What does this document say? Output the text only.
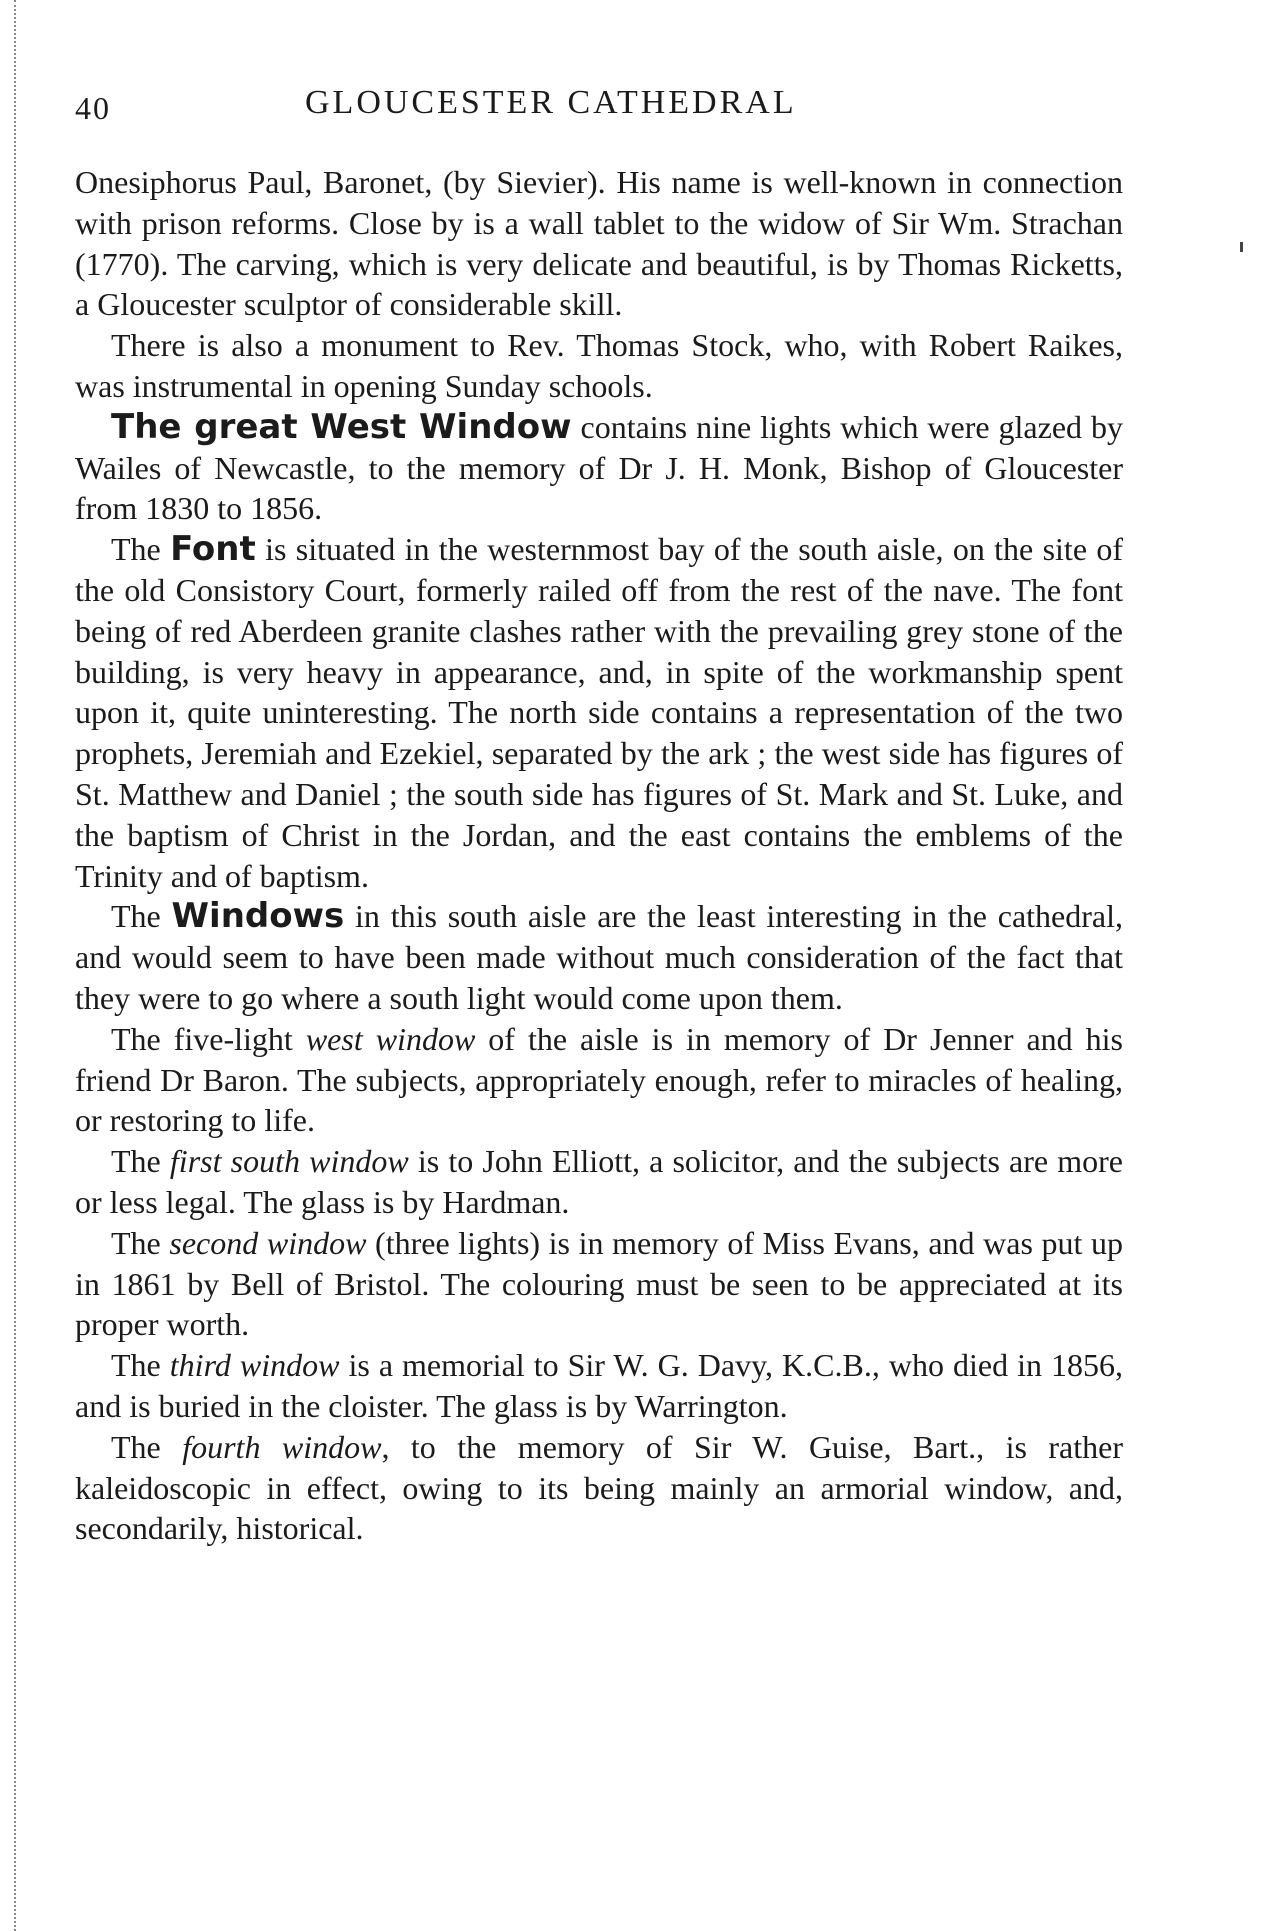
40	GLOUCESTER CATHEDRAL

Onesiphorus Paul, Baronet, (by Sievier). His name is well-known in connection with prison reforms. Close by is a wall tablet to the widow of Sir Wm. Strachan (1770). The carving, which is very delicate and beautiful, is by Thomas Ricketts, a Gloucester sculptor of considerable skill.

There is also a monument to Rev. Thomas Stock, who, with Robert Raikes, was instrumental in opening Sunday schools.

The great West Window contains nine lights which were glazed by Wailes of Newcastle, to the memory of Dr J. H. Monk, Bishop of Gloucester from 1830 to 1856.

The Font is situated in the westernmost bay of the south aisle, on the site of the old Consistory Court, formerly railed off from the rest of the nave. The font being of red Aberdeen granite clashes rather with the prevailing grey stone of the building, is very heavy in appearance, and, in spite of the workmanship spent upon it, quite uninteresting. The north side contains a representation of the two prophets, Jeremiah and Ezekiel, separated by the ark ; the west side has figures of St. Matthew and Daniel ; the south side has figures of St. Mark and St. Luke, and the baptism of Christ in the Jordan, and the east contains the emblems of the Trinity and of baptism.

The Windows in this south aisle are the least interesting in the cathedral, and would seem to have been made without much consideration of the fact that they were to go where a south light would come upon them.

The five-light west window of the aisle is in memory of Dr Jenner and his friend Dr Baron. The subjects, appropriately enough, refer to miracles of healing, or restoring to life.

The first south window is to John Elliott, a solicitor, and the subjects are more or less legal. The glass is by Hardman.

The second window (three lights) is in memory of Miss Evans, and was put up in 1861 by Bell of Bristol. The colouring must be seen to be appreciated at its proper worth.

The third window is a memorial to Sir W. G. Davy, K.C.B., who died in 1856, and is buried in the cloister. The glass is by Warrington.

The fourth window, to the memory of Sir W. Guise, Bart., is rather kaleidoscopic in effect, owing to its being mainly an armorial window, and, secondarily, historical.
